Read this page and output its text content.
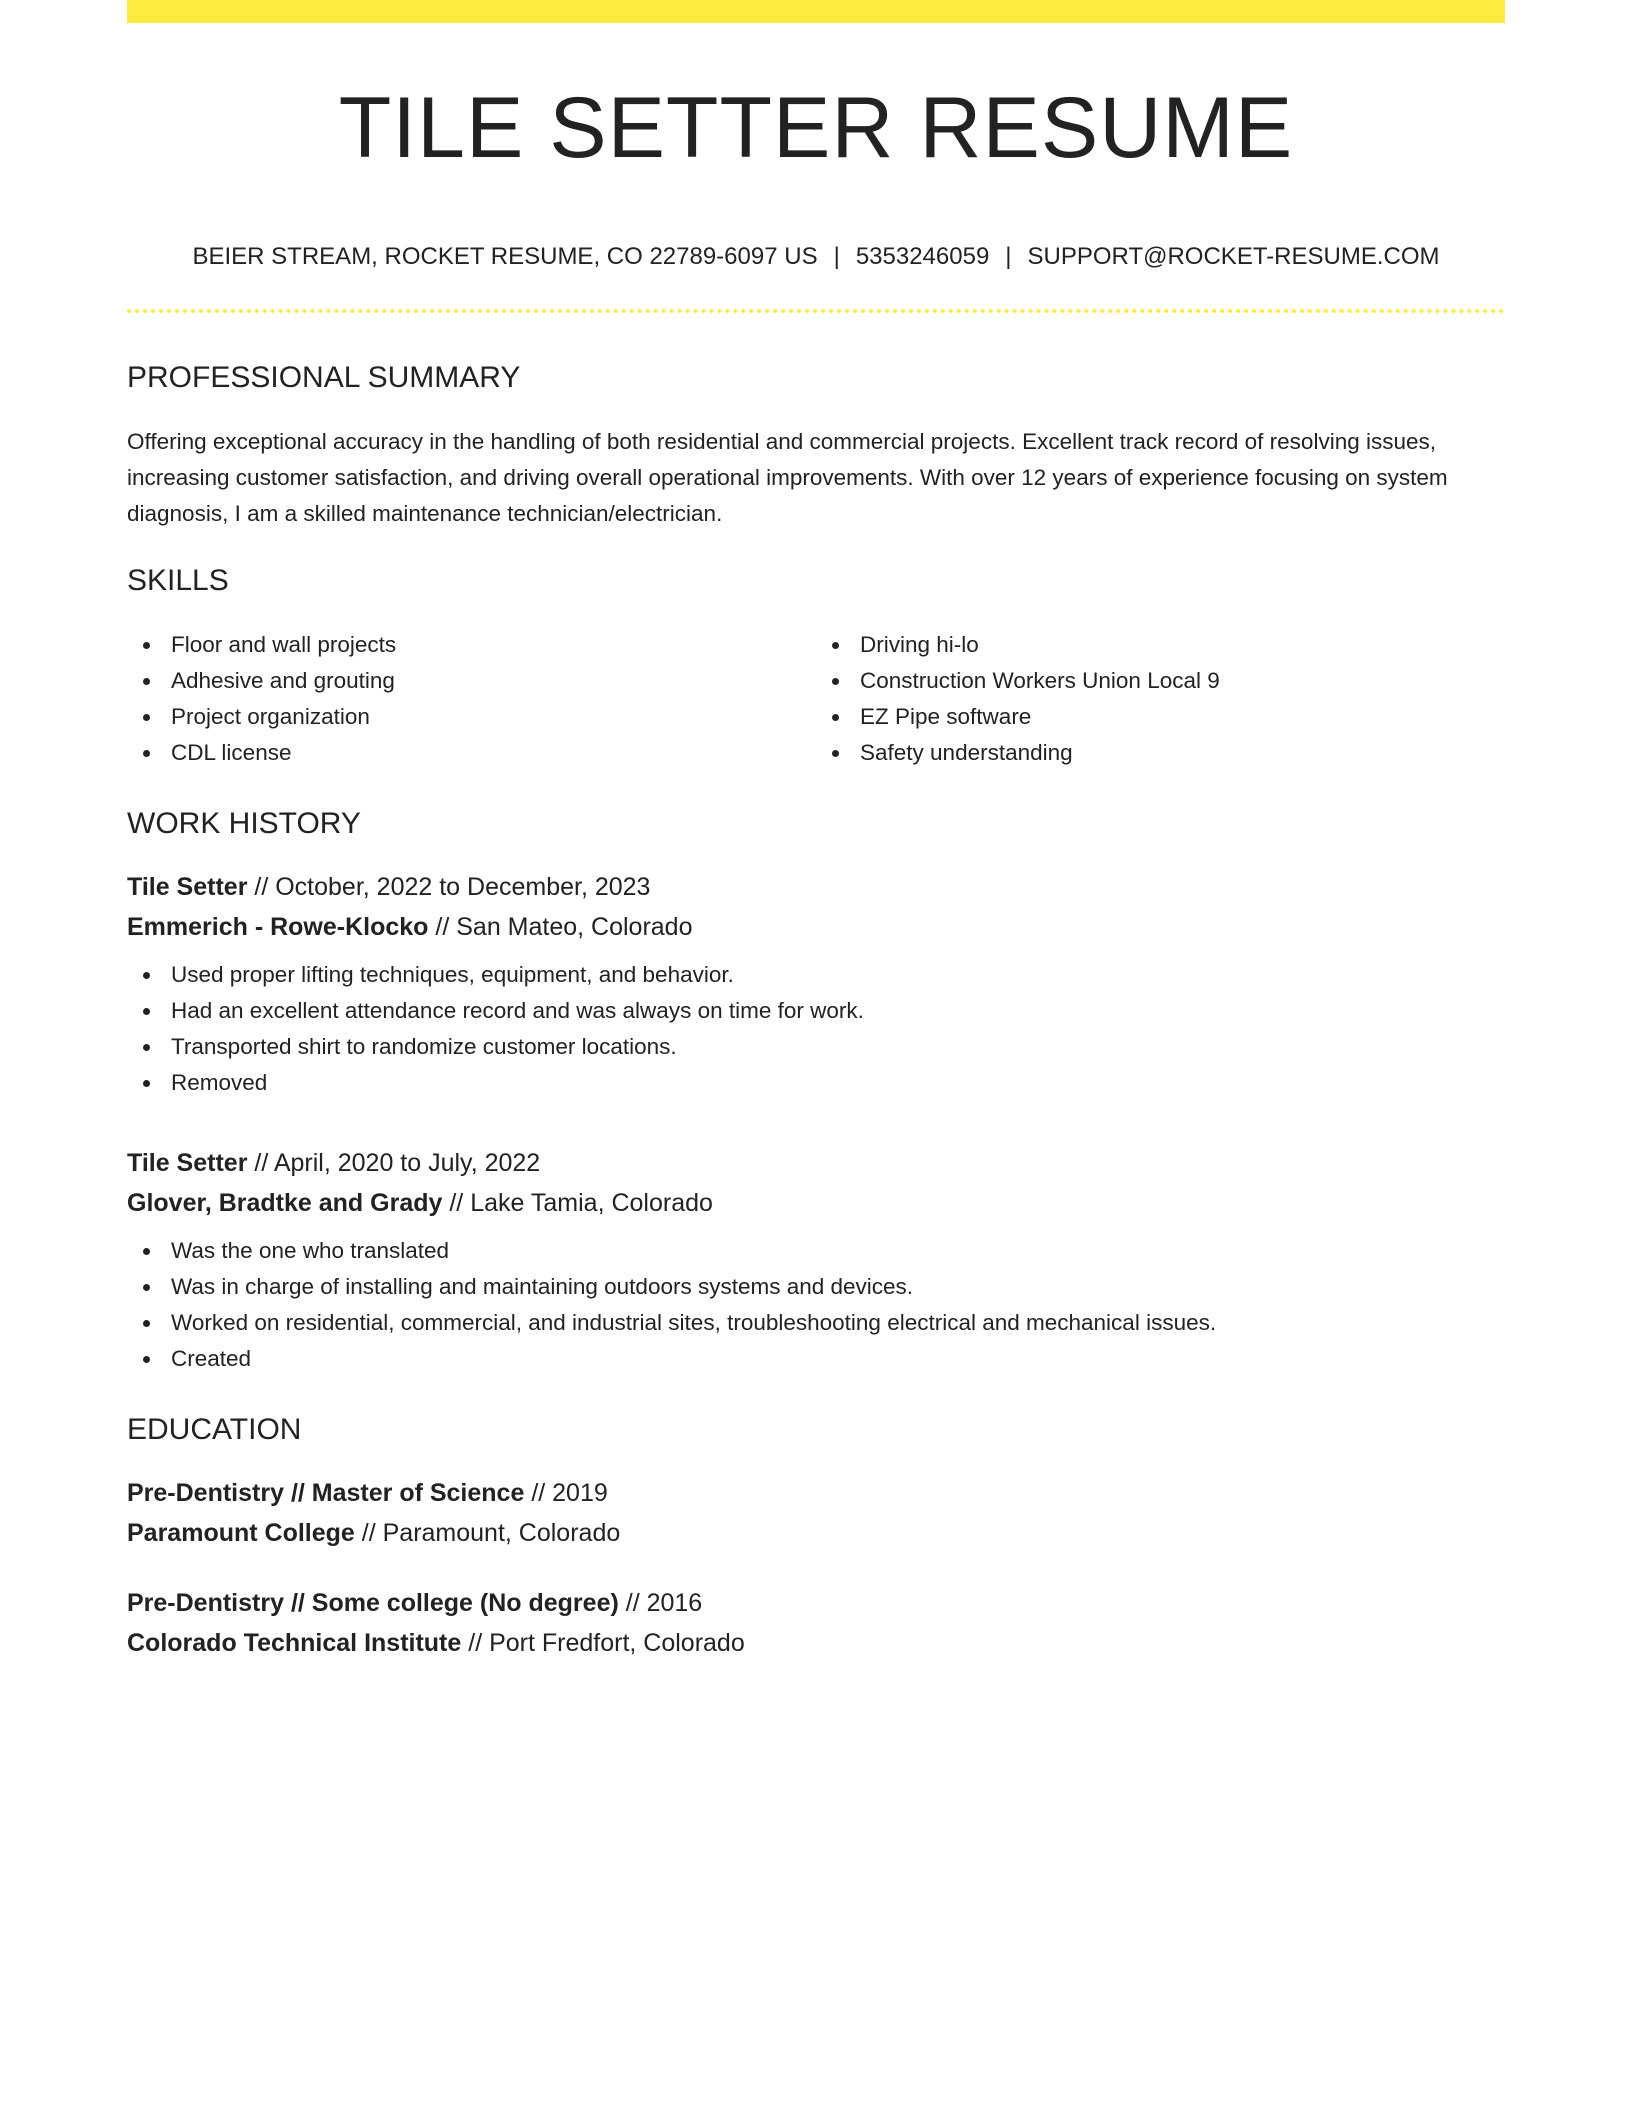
TILE SETTER RESUME
BEIER STREAM, ROCKET RESUME, CO 22789-6097 US | 5353246059 | SUPPORT@ROCKET-RESUME.COM
PROFESSIONAL SUMMARY

Offering exceptional accuracy in the handling of both residential and commercial projects. Excellent track record of resolving issues, increasing customer satisfaction, and driving overall operational improvements. With over 12 years of experience focusing on system diagnosis, I am a skilled maintenance technician/electrician.

SKILLS
Floor and wall projects
Adhesive and grouting
Project organization
CDL license
Driving hi-lo
Construction Workers Union Local 9
EZ Pipe software
Safety understanding
WORK HISTORY
Tile Setter // October, 2022 to December, 2023
Emmerich - Rowe-Klocko // San Mateo, Colorado
Used proper lifting techniques, equipment, and behavior.
Had an excellent attendance record and was always on time for work.
Transported shirt to randomize customer locations.
Removed
Tile Setter // April, 2020 to July, 2022
Glover, Bradtke and Grady // Lake Tamia, Colorado
Was the one who translated
Was in charge of installing and maintaining outdoors systems and devices.
Worked on residential, commercial, and industrial sites, troubleshooting electrical and mechanical issues.
Created
EDUCATION
Pre-Dentistry // Master of Science // 2019
Paramount College // Paramount, Colorado
Pre-Dentistry // Some college (No degree) // 2016
Colorado Technical Institute // Port Fredfort, Colorado
